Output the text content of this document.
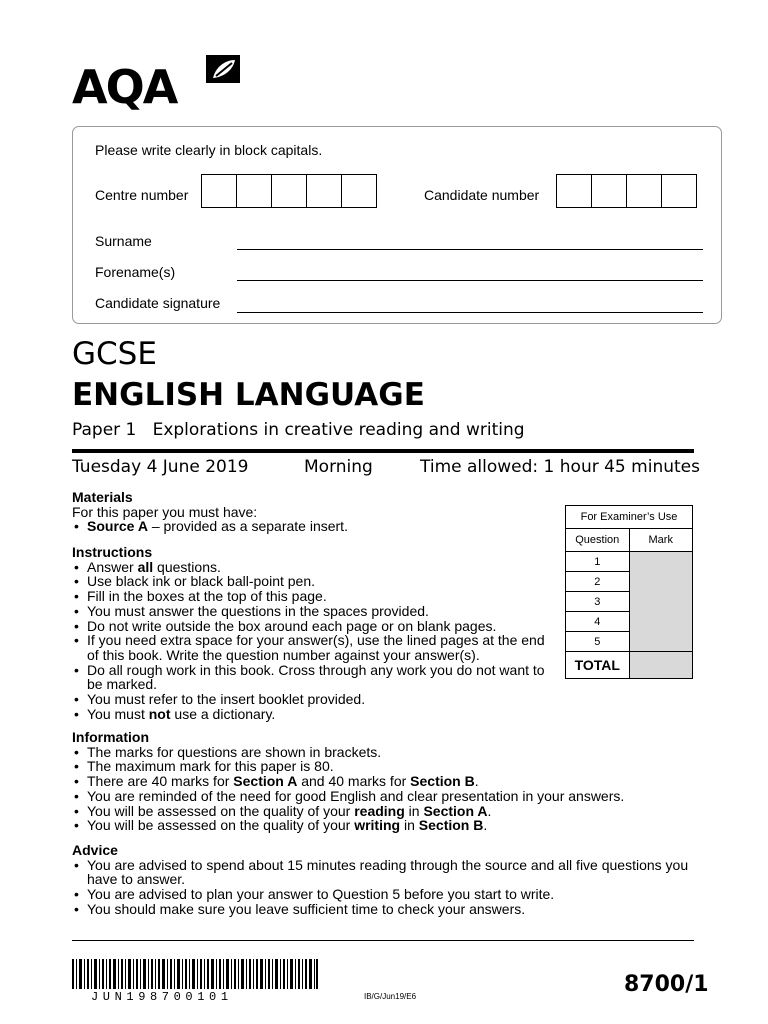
AQA
Please write clearly in block capitals.
Centre number	Candidate number
Surname
Forename(s)
Candidate signature
GCSE
ENGLISH LANGUAGE
Paper 1 Explorations in creative reading and writing
Tuesday 4 June 2019	Morning	Time allowed: 1 hour 45 minutes
Materials
For this paper you must have:
• Source A – provided as a separate insert.
Instructions
• Answer all questions.
• Use black ink or black ball-point pen.
• Fill in the boxes at the top of this page.
• You must answer the questions in the spaces provided.
• Do not write outside the box around each page or on blank pages.
• If you need extra space for your answer(s), use the lined pages at the end of this book. Write the question number against your answer(s).
• Do all rough work in this book. Cross through any work you do not want to be marked.
• You must refer to the insert booklet provided.
• You must not use a dictionary.
Information
• The marks for questions are shown in brackets.
• The maximum mark for this paper is 80.
• There are 40 marks for Section A and 40 marks for Section B.
• You are reminded of the need for good English and clear presentation in your answers.
• You will be assessed on the quality of your reading in Section A.
• You will be assessed on the quality of your writing in Section B.
Advice
• You are advised to spend about 15 minutes reading through the source and all five questions you have to answer.
• You are advised to plan your answer to Question 5 before you start to write.
• You should make sure you leave sufficient time to check your answers.
For Examiner’s Use	
Question	Mark
1	
2	
3	
4	
5	
TOTAL	
JUN198700101	IB/G/Jun19/E6	8700/1
